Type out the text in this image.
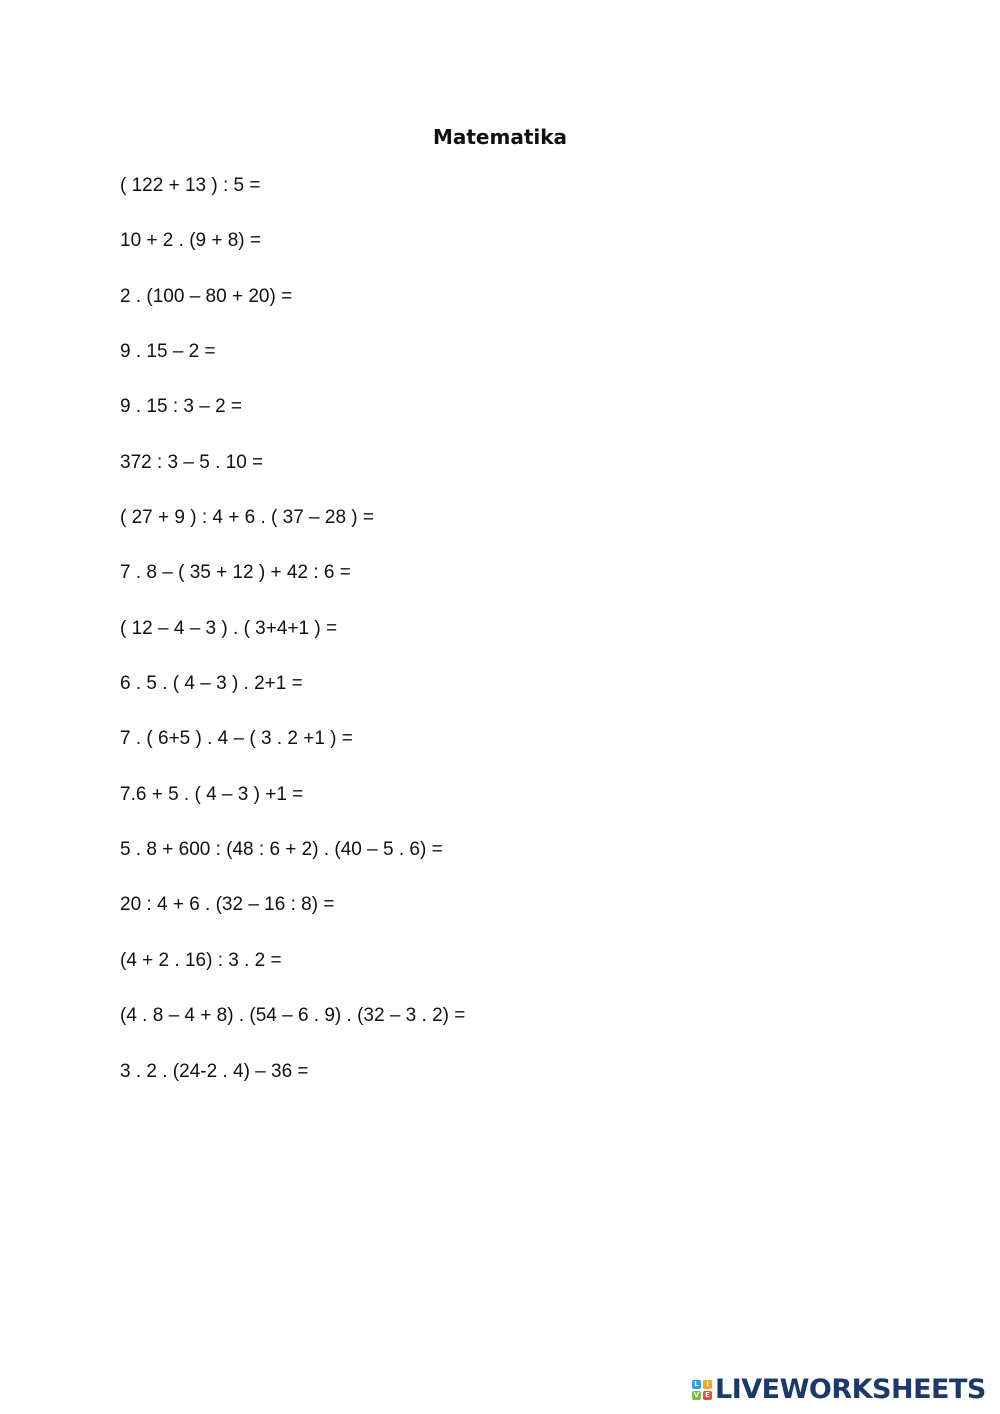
Matematika
( 122 + 13 ) : 5 =
10 + 2 . (9 + 8) =
2 . (100 – 80 + 20) =
9 . 15 – 2 =
9 . 15 : 3 – 2 =
372 : 3 – 5 . 10 =
( 27 + 9 ) : 4 + 6 . ( 37 – 28 ) =
7 . 8 – ( 35 + 12 ) + 42 : 6 =
( 12 – 4 – 3 ) . ( 3+4+1 ) =
6 . 5 . ( 4 – 3 ) . 2+1 =
7 . ( 6+5 ) . 4 – ( 3 . 2 +1 ) =
7.6 + 5 . ( 4 – 3 ) +1 =
5 . 8 + 600 : (48 : 6 + 2) . (40 – 5 . 6) =
20 : 4 + 6 . (32 – 16 : 8) =
(4 + 2 . 16) : 3 . 2 =
(4 . 8 – 4 + 8) . (54 – 6 . 9) . (32 – 3 . 2) =
3 . 2 . (24-2 . 4) – 36 =
L	I
V E LIVEWORKSHEETS
